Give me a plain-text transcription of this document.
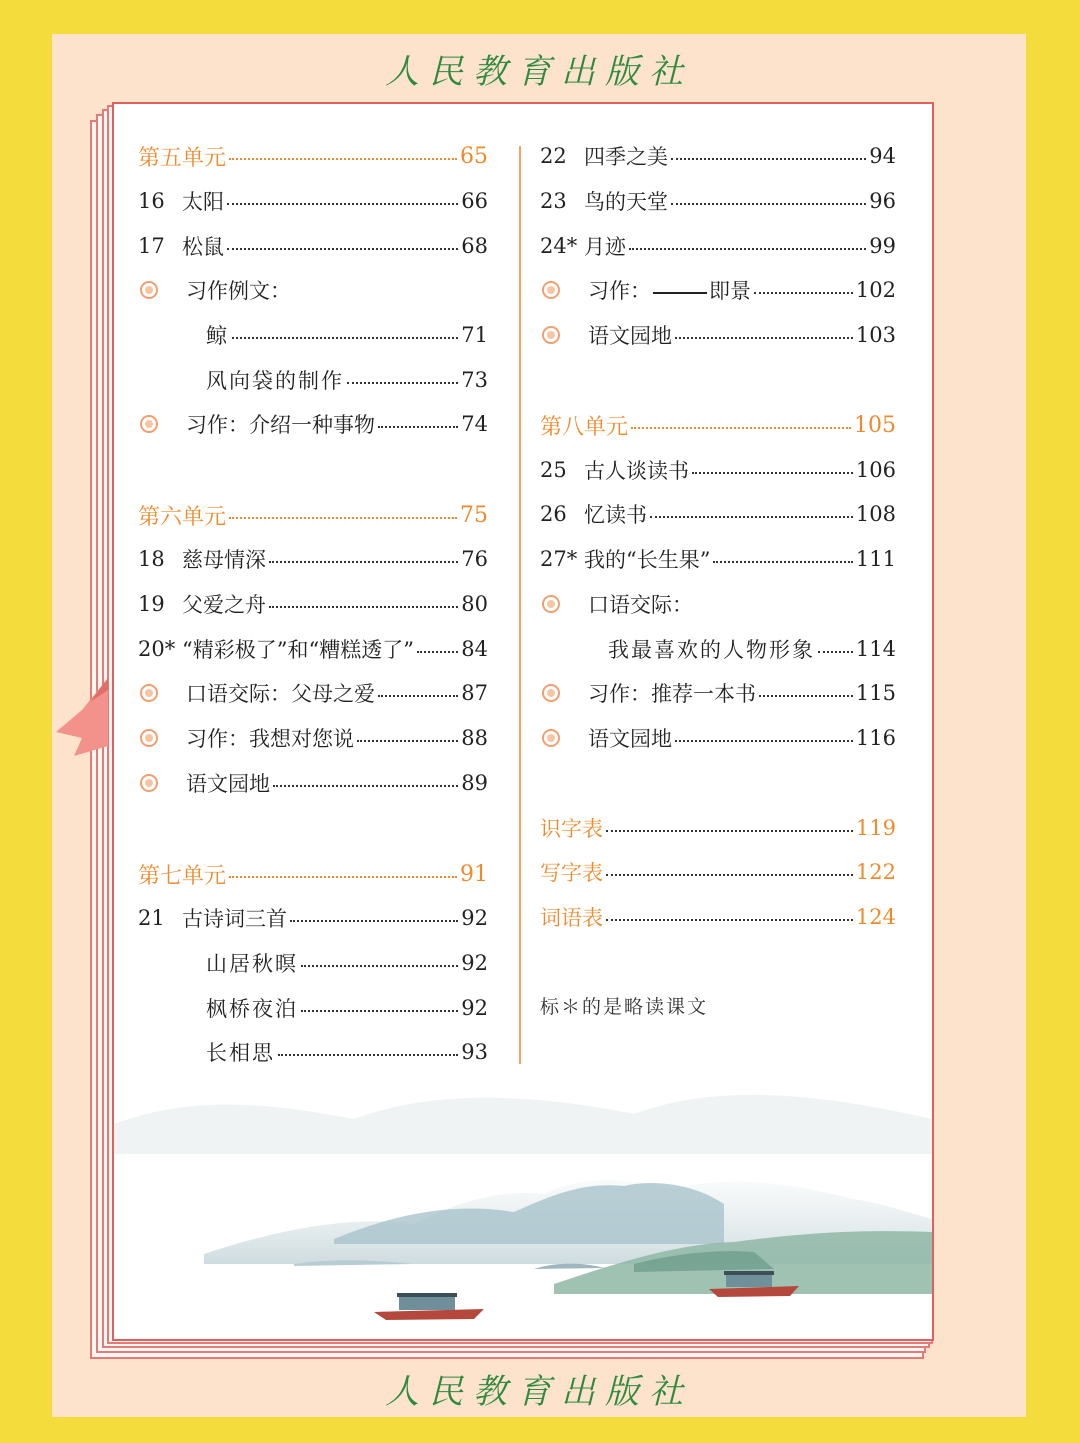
人民教育出版社
第五单元	65
16 太阳	66
17 松鼠	68
习作例文：
鲸	71
风向袋的制作	73
习作：介绍一种事物	74
第六单元	75
18 慈母情深	76
19 父爱之舟	80
20* “精彩极了”和“糟糕透了” 84
口语交际：父母之爱	87
习作：我想对您说	88
语文园地	89
第七单元	91
21 古诗词三首	92
山居秋暝	92
枫桥夜泊	92
长相思	93
22 四季之美	94
23 鸟的天堂	96
24* 月迹	99
习作：	即景	102
语文园地	103
第八单元	105
25 古人谈读书	106
26 忆读书	108
27* 我的“长生果”	111
口语交际：
我最喜欢的人物形象 114
习作：推荐一本书	115
语文园地	116
识字表	119
写字表	122
词语表	124
标＊的是略读课文
人民教育出版社
